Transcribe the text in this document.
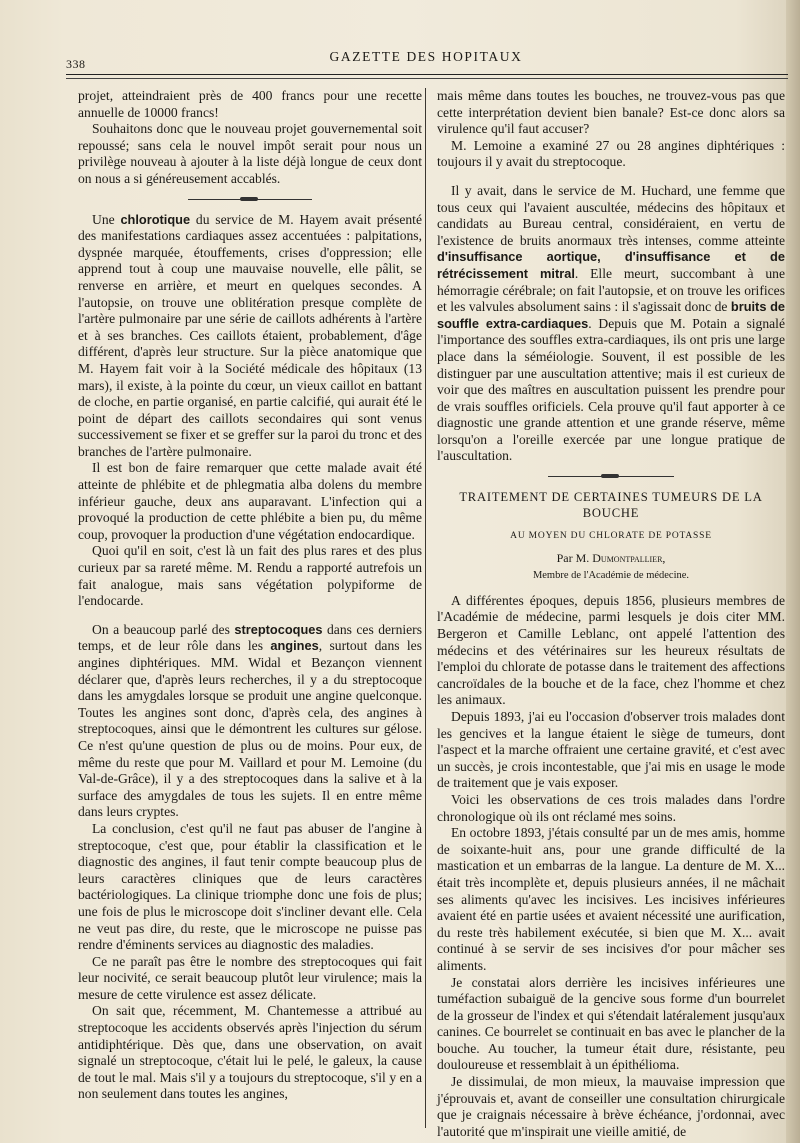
338	GAZETTE DES HOPITAUX

projet, atteindraient près de 400 francs pour une recette annuelle de 10000 francs!

Souhaitons donc que le nouveau projet gouvernemental soit repoussé; sans cela le nouvel impôt serait pour nous un privilège nouveau à ajouter à la liste déjà longue de ceux dont on nous a si généreusement accablés.

Une chlorotique du service de M. Hayem avait présenté des manifestations cardiaques assez accentuées : palpitations, dyspnée marquée, étouffements, crises d'oppression; elle apprend tout à coup une mauvaise nouvelle, elle pâlit, se renverse en arrière, et meurt en quelques secondes. A l'autopsie, on trouve une oblitération presque complète de l'artère pulmonaire par une série de caillots adhérents à l'artère et à ses branches. Ces caillots étaient, probablement, d'âge différent, d'après leur structure. Sur la pièce anatomique que M. Hayem fait voir à la Société médicale des hôpitaux (13 mars), il existe, à la pointe du cœur, un vieux caillot en battant de cloche, en partie organisé, en partie calcifié, qui aurait été le point de départ des caillots secondaires qui sont venus successivement se fixer et se greffer sur la paroi du tronc et des branches de l'artère pulmonaire.

Il est bon de faire remarquer que cette malade avait été atteinte de phlébite et de phlegmatia alba dolens du membre inférieur gauche, deux ans auparavant. L'infection qui a provoqué la production de cette phlébite a bien pu, du même coup, provoquer la production d'une végétation endocardique.

Quoi qu'il en soit, c'est là un fait des plus rares et des plus curieux par sa rareté même. M. Rendu a rapporté autrefois un fait analogue, mais sans végétation polypiforme de l'endocarde.

On a beaucoup parlé des streptocoques dans ces derniers temps, et de leur rôle dans les angines, surtout dans les angines diphtériques. MM. Widal et Bezançon viennent déclarer que, d'après leurs recherches, il y a du streptocoque dans les amygdales lorsque se produit une angine quelconque. Toutes les angines sont donc, d'après cela, des angines à streptocoques, ainsi que le démontrent les cultures sur gélose. Ce n'est qu'une question de plus ou de moins. Pour eux, de même du reste que pour M. Vaillard et pour M. Lemoine (du Val-de-Grâce), il y a des streptocoques dans la salive et à la surface des amygdales de tous les sujets. Il en entre même dans leurs cryptes.

La conclusion, c'est qu'il ne faut pas abuser de l'angine à streptocoque, c'est que, pour établir la classification et le diagnostic des angines, il faut tenir compte beaucoup plus de leurs caractères cliniques que de leurs caractères bactériologiques. La clinique triomphe donc une fois de plus; une fois de plus le microscope doit s'incliner devant elle. Cela ne veut pas dire, du reste, que le microscope ne puisse pas rendre d'éminents services au diagnostic des maladies.

Ce ne paraît pas être le nombre des streptocoques qui fait leur nocivité, ce serait beaucoup plutôt leur virulence; mais la mesure de cette virulence est assez délicate.

On sait que, récemment, M. Chantemesse a attribué au streptocoque les accidents observés après l'injection du sérum antidiphtérique. Dès que, dans une observation, on avait signalé un streptocoque, c'était lui le pelé, le galeux, la cause de tout le mal. Mais s'il y a toujours du streptocoque, s'il y en a non seulement dans toutes les angines,

mais même dans toutes les bouches, ne trouvez-vous pas que cette interprétation devient bien banale? Est-ce donc alors sa virulence qu'il faut accuser?

M. Lemoine a examiné 27 ou 28 angines diphtériques : toujours il y avait du streptocoque.

Il y avait, dans le service de M. Huchard, une femme que tous ceux qui l'avaient auscultée, médecins des hôpitaux et candidats au Bureau central, considéraient, en vertu de l'existence de bruits anormaux très intenses, comme atteinte d'insuffisance aortique, d'insuffisance et de rétrécissement mitral. Elle meurt, succombant à une hémorragie cérébrale; on fait l'autopsie, et on trouve les orifices et les valvules absolument sains : il s'agissait donc de bruits de souffle extra-cardiaques. Depuis que M. Potain a signalé l'importance des souffles extra-cardiaques, ils ont pris une large place dans la séméiologie. Souvent, il est possible de les distinguer par une auscultation attentive; mais il est curieux de voir que des maîtres en auscultation puissent les prendre pour de vrais souffles orificiels. Cela prouve qu'il faut apporter à ce diagnostic une grande attention et une grande réserve, même lorsqu'on a l'oreille exercée par une longue pratique de l'auscultation.

TRAITEMENT DE CERTAINES TUMEURS DE LA BOUCHE
AU MOYEN DU CHLORATE DE POTASSE
Par M. Dumontpallier,
Membre de l'Académie de médecine.

A différentes époques, depuis 1856, plusieurs membres de l'Académie de médecine, parmi lesquels je dois citer MM. Bergeron et Camille Leblanc, ont appelé l'attention des médecins et des vétérinaires sur les heureux résultats de l'emploi du chlorate de potasse dans le traitement des affections cancroïdales de la bouche et de la face, chez l'homme et chez les animaux.

Depuis 1893, j'ai eu l'occasion d'observer trois malades dont les gencives et la langue étaient le siège de tumeurs, dont l'aspect et la marche offraient une certaine gravité, et c'est avec un succès, je crois incontestable, que j'ai mis en usage le mode de traitement que je vais exposer.

Voici les observations de ces trois malades dans l'ordre chronologique où ils ont réclamé mes soins.

En octobre 1893, j'étais consulté par un de mes amis, homme de soixante-huit ans, pour une grande difficulté de la mastication et un embarras de la langue. La denture de M. X... était très incomplète et, depuis plusieurs années, il ne mâchait ses aliments qu'avec les incisives. Les incisives inférieures avaient été en partie usées et avaient nécessité une aurification, du reste très habilement exécutée, si bien que M. X... avait continué à se servir de ses incisives d'or pour mâcher ses aliments.

Je constatai alors derrière les incisives inférieures une tuméfaction subaiguë de la gencive sous forme d'un bourrelet de la grosseur de l'index et qui s'étendait latéralement jusqu'aux canines. Ce bourrelet se continuait en bas avec le plancher de la bouche. Au toucher, la tumeur était dure, résistante, peu douloureuse et ressemblait à un épithélioma.

Je dissimulai, de mon mieux, la mauvaise impression que j'éprouvais et, avant de conseiller une consultation chirurgicale que je craignais nécessaire à brève échéance, j'ordonnai, avec l'autorité que m'inspirait une vieille amitié, de
